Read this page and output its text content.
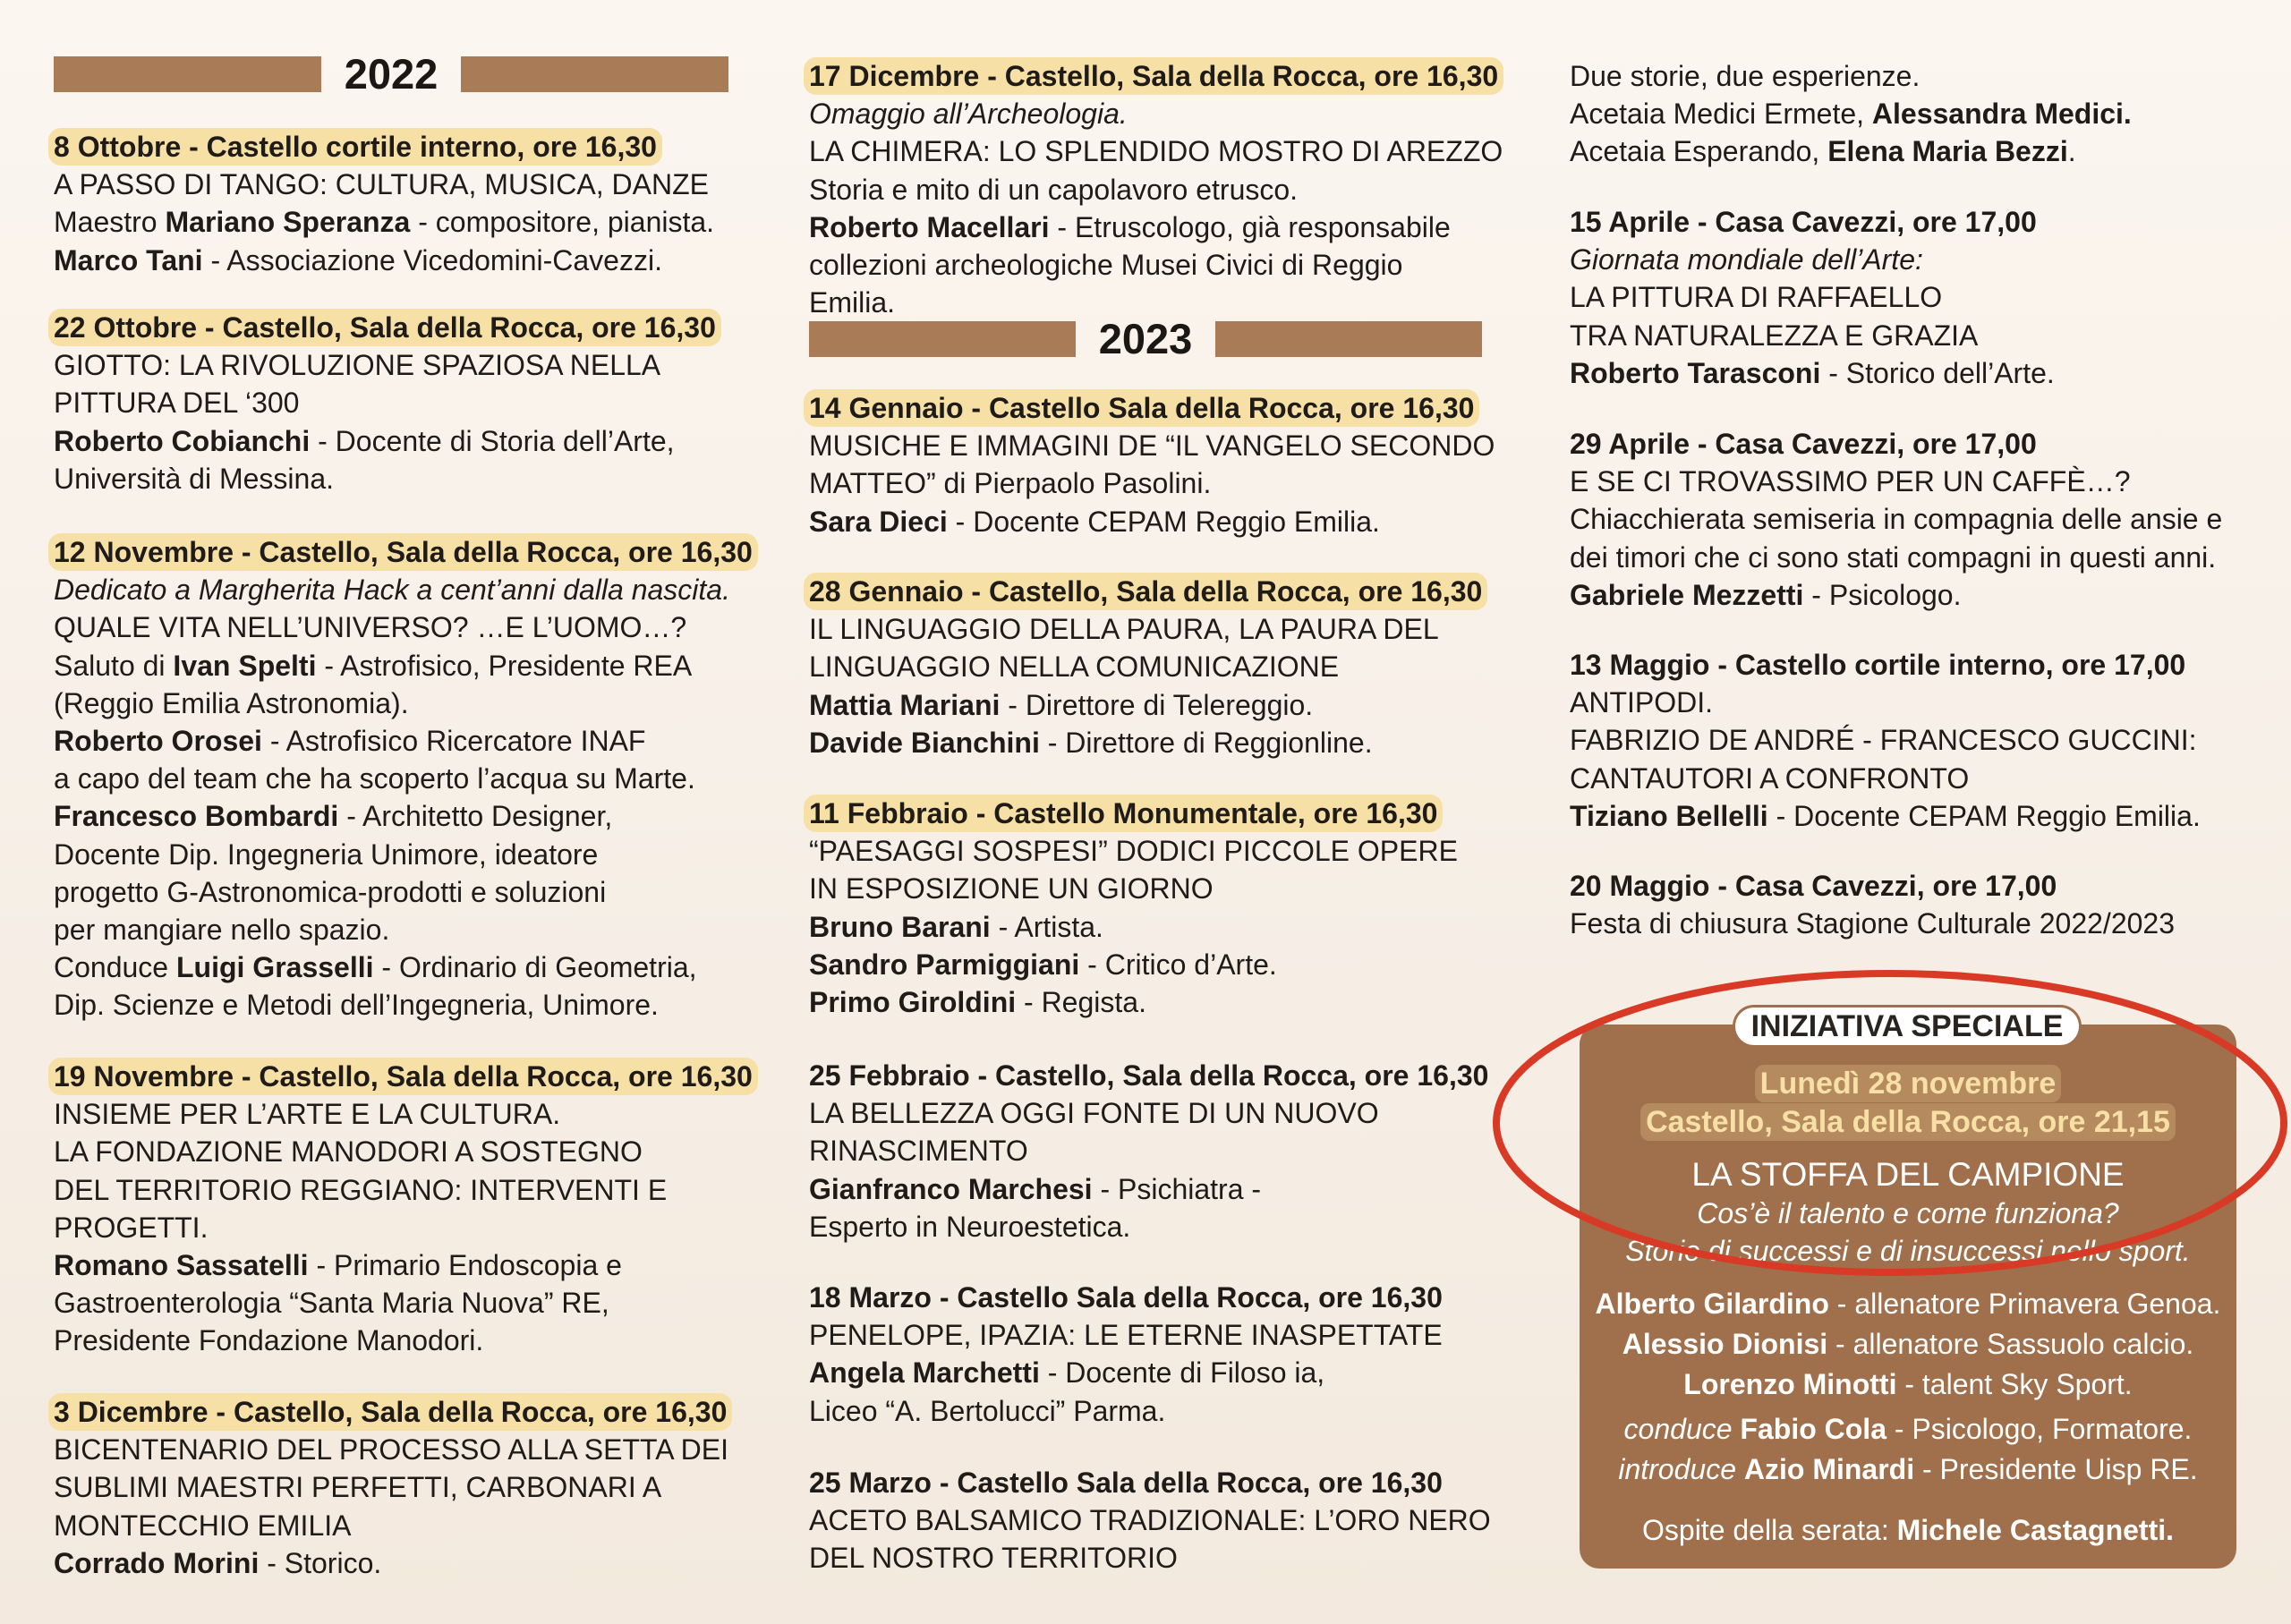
2022
2023
8 Ottobre - Castello cortile interno, ore 16,30
A PASSO DI TANGO: CULTURA, MUSICA, DANZE
Maestro Mariano Speranza - compositore, pianista.
Marco Tani - Associazione Vicedomini-Cavezzi.
22 Ottobre - Castello, Sala della Rocca, ore 16,30
GIOTTO: LA RIVOLUZIONE SPAZIOSA NELLA
PITTURA DEL ‘300
Roberto Cobianchi - Docente di Storia dell’Arte,
Università di Messina.
12 Novembre - Castello, Sala della Rocca, ore 16,30
Dedicato a Margherita Hack a cent’anni dalla nascita.
QUALE VITA NELL’UNIVERSO? …E L’UOMO…?
Saluto di Ivan Spelti - Astrofisico, Presidente REA
(Reggio Emilia Astronomia).
Roberto Orosei - Astrofisico Ricercatore INAF
a capo del team che ha scoperto l’acqua su Marte.
Francesco Bombardi - Architetto Designer,
Docente Dip. Ingegneria Unimore, ideatore
progetto G-Astronomica-prodotti e soluzioni
per mangiare nello spazio.
Conduce Luigi Grasselli - Ordinario di Geometria,
Dip. Scienze e Metodi dell’Ingegneria, Unimore.
19 Novembre - Castello, Sala della Rocca, ore 16,30
INSIEME PER L’ARTE E LA CULTURA.
LA FONDAZIONE MANODORI A SOSTEGNO
DEL TERRITORIO REGGIANO: INTERVENTI E
PROGETTI.
Romano Sassatelli - Primario Endoscopia e
Gastroenterologia “Santa Maria Nuova” RE,
Presidente Fondazione Manodori.
3 Dicembre - Castello, Sala della Rocca, ore 16,30
BICENTENARIO DEL PROCESSO ALLA SETTA DEI
SUBLIMI MAESTRI PERFETTI, CARBONARI A
MONTECCHIO EMILIA
Corrado Morini - Storico.
17 Dicembre - Castello, Sala della Rocca, ore 16,30
Omaggio all’Archeologia.
LA CHIMERA: LO SPLENDIDO MOSTRO DI AREZZO
Storia e mito di un capolavoro etrusco.
Roberto Macellari - Etruscologo, già responsabile
collezioni archeologiche Musei Civici di Reggio
Emilia.
14 Gennaio - Castello Sala della Rocca, ore 16,30
MUSICHE E IMMAGINI DE “IL VANGELO SECONDO
MATTEO” di Pierpaolo Pasolini.
Sara Dieci - Docente CEPAM Reggio Emilia.
28 Gennaio - Castello, Sala della Rocca, ore 16,30
IL LINGUAGGIO DELLA PAURA, LA PAURA DEL
LINGUAGGIO NELLA COMUNICAZIONE
Mattia Mariani - Direttore di Telereggio.
Davide Bianchini - Direttore di Reggionline.
11 Febbraio - Castello Monumentale, ore 16,30
“PAESAGGI SOSPESI” DODICI PICCOLE OPERE
IN ESPOSIZIONE UN GIORNO
Bruno Barani - Artista.
Sandro Parmiggiani - Critico d’Arte.
Primo Giroldini - Regista.
25 Febbraio - Castello, Sala della Rocca, ore 16,30
LA BELLEZZA OGGI FONTE DI UN NUOVO
RINASCIMENTO
Gianfranco Marchesi - Psichiatra -
Esperto in Neuroestetica.
18 Marzo - Castello Sala della Rocca, ore 16,30
PENELOPE, IPAZIA: LE ETERNE INASPETTATE
Angela Marchetti - Docente di Filoso ia,
Liceo “A. Bertolucci” Parma.
25 Marzo - Castello Sala della Rocca, ore 16,30
ACETO BALSAMICO TRADIZIONALE: L’ORO NERO
DEL NOSTRO TERRITORIO
Due storie, due esperienze.
Acetaia Medici Ermete, Alessandra Medici.
Acetaia Esperando, Elena Maria Bezzi.
15 Aprile - Casa Cavezzi, ore 17,00
Giornata mondiale dell’Arte:
LA PITTURA DI RAFFAELLO
TRA NATURALEZZA E GRAZIA
Roberto Tarasconi - Storico dell’Arte.
29 Aprile - Casa Cavezzi, ore 17,00
E SE CI TROVASSIMO PER UN CAFFÈ…?
Chiacchierata semiseria in compagnia delle ansie e
dei timori che ci sono stati compagni in questi anni.
Gabriele Mezzetti - Psicologo.
13 Maggio - Castello cortile interno, ore 17,00
ANTIPODI.
FABRIZIO DE ANDRÉ - FRANCESCO GUCCINI:
CANTAUTORI A CONFRONTO
Tiziano Bellelli - Docente CEPAM Reggio Emilia.
20 Maggio - Casa Cavezzi, ore 17,00
Festa di chiusura Stagione Culturale 2022/2023
Lunedì 28 novembre
Castello, Sala della Rocca, ore 21,15
LA STOFFA DEL CAMPIONE
Cos’è il talento e come funziona?
Storie di successi e di insuccessi nello sport.
Alberto Gilardino - allenatore Primavera Genoa.
Alessio Dionisi - allenatore Sassuolo calcio.
Lorenzo Minotti - talent Sky Sport.
conduce Fabio Cola - Psicologo, Formatore.
introduce Azio Minardi - Presidente Uisp RE.
Ospite della serata: Michele Castagnetti.
INIZIATIVA SPECIALE
